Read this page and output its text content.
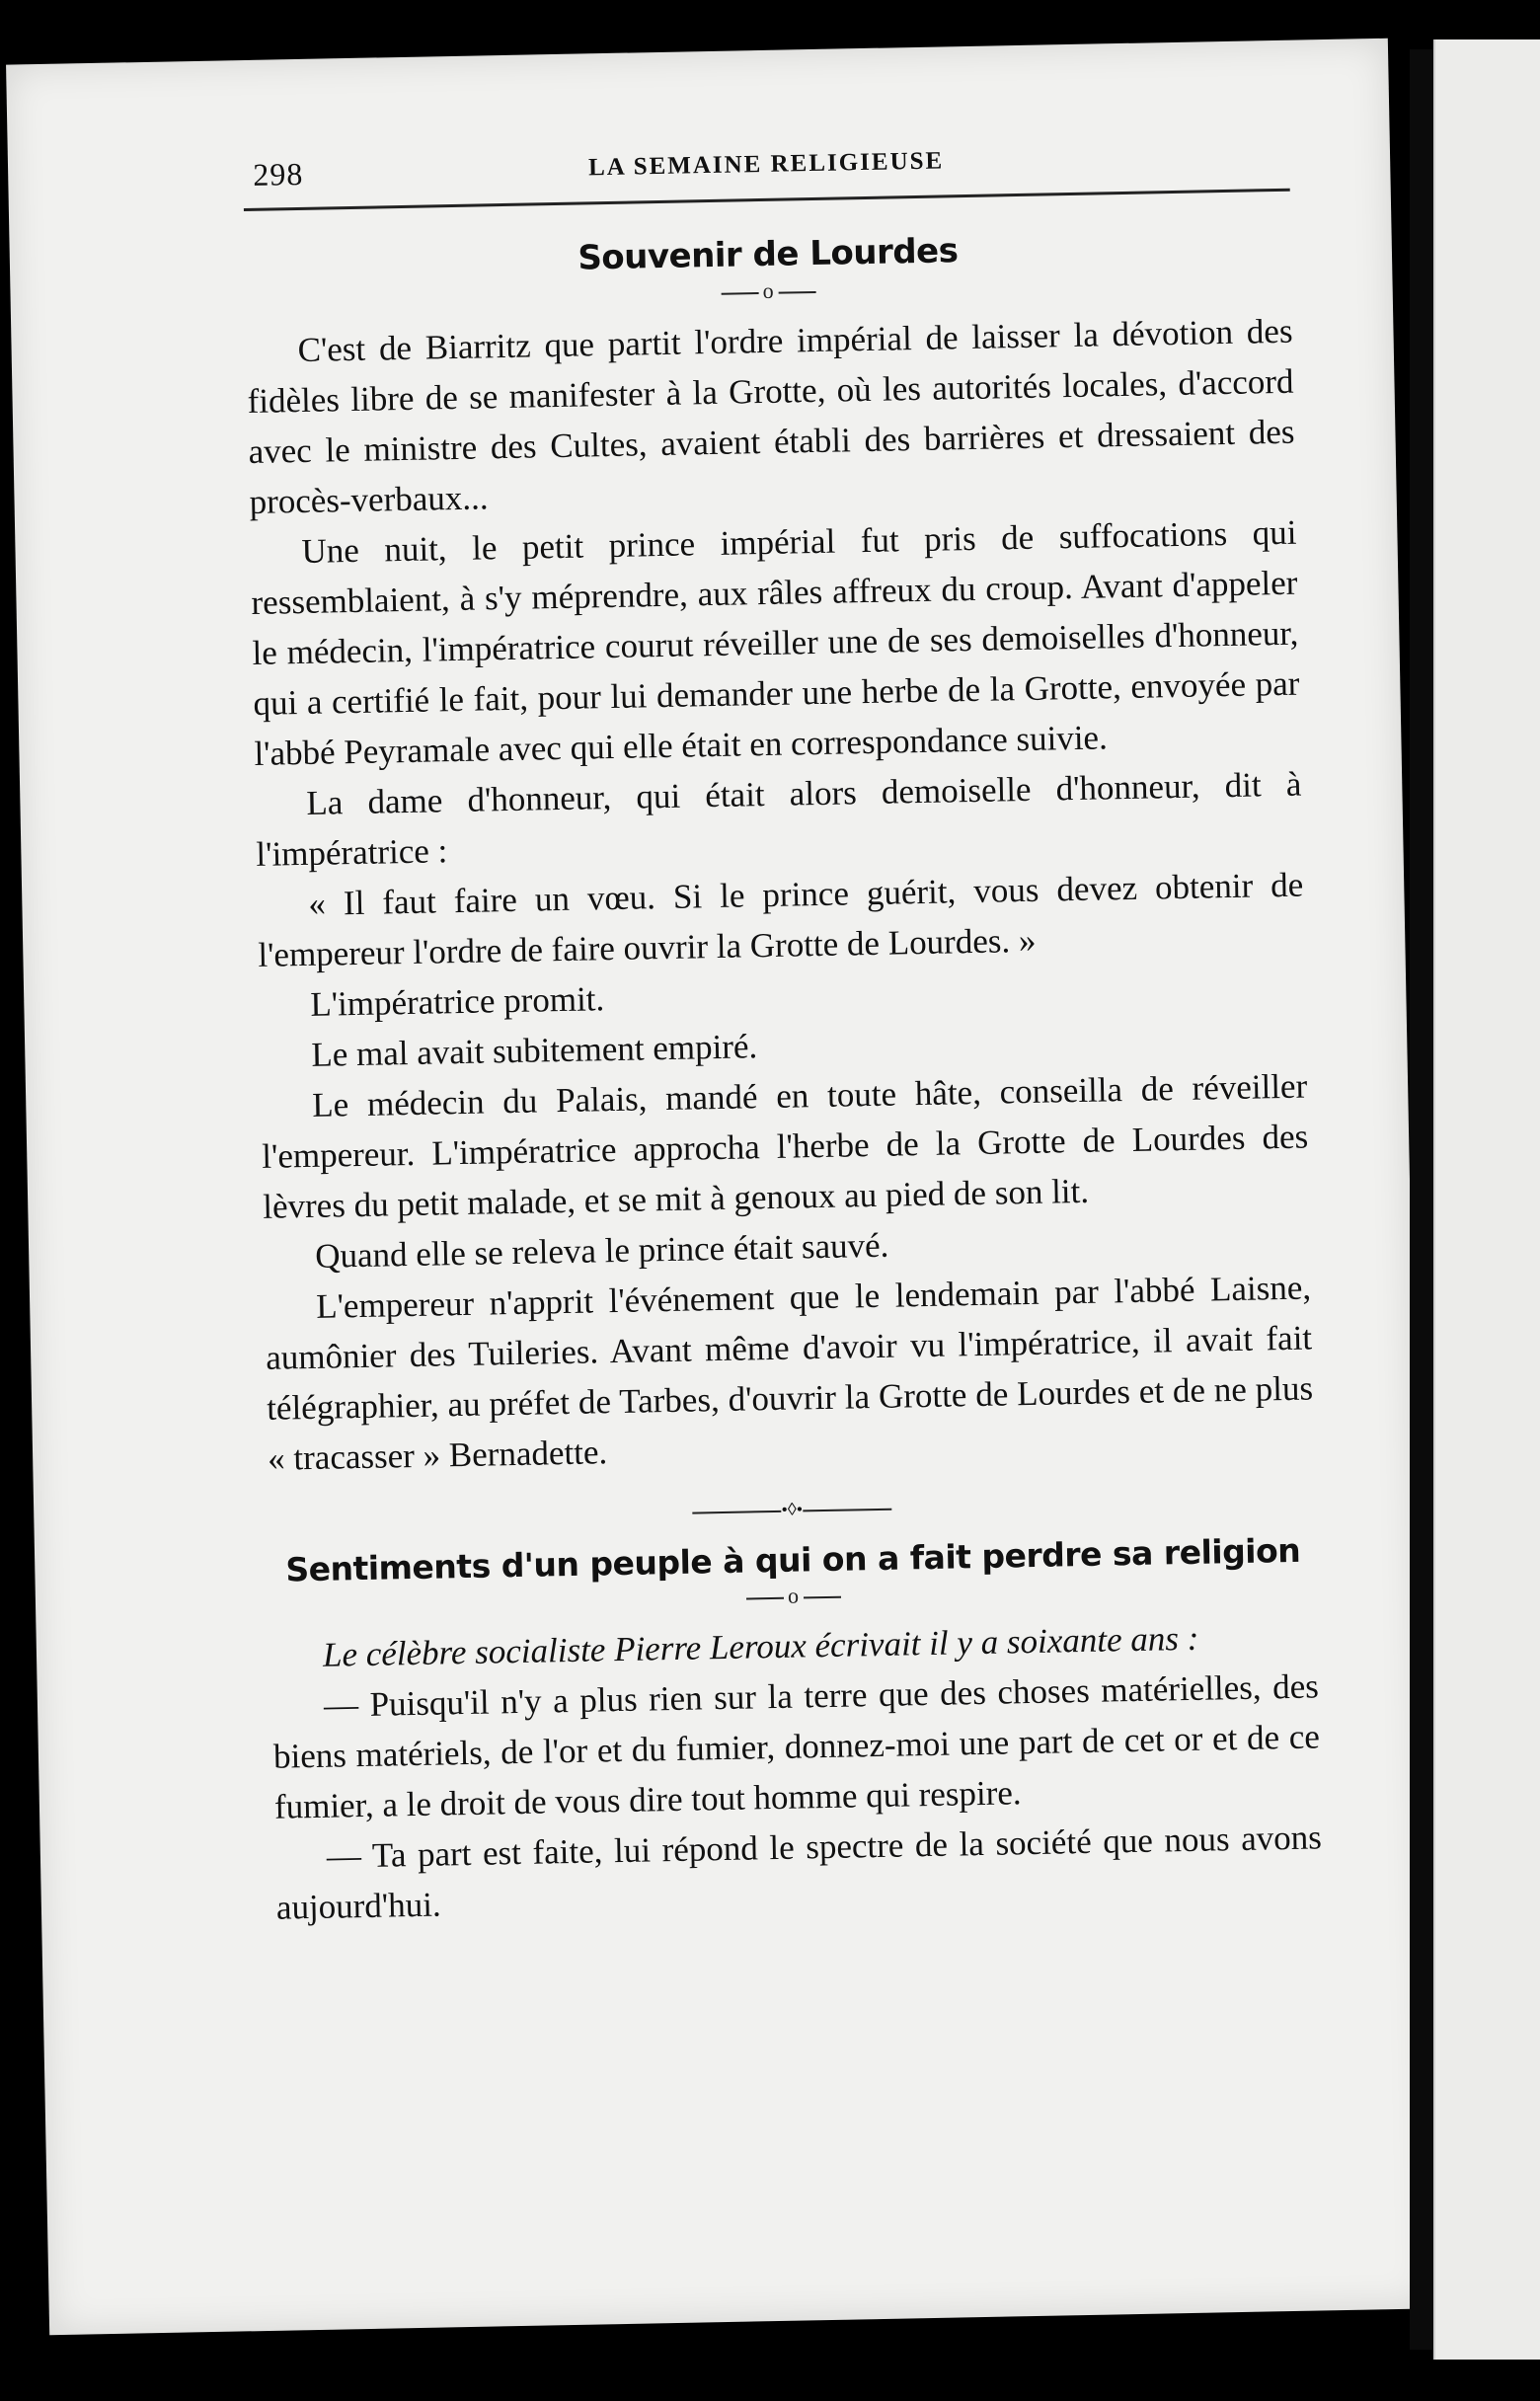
298	LA SEMAINE RELIGIEUSE
Souvenir de Lourdes
o

C'est de Biarritz que partit l'ordre impérial de laisser la dévotion des fidèles libre de se manifester à la Grotte, où les autorités locales, d'accord avec le ministre des Cultes, avaient établi des barrières et dressaient des procès-verbaux...

Une nuit, le petit prince impérial fut pris de suffocations qui ressemblaient, à s'y méprendre, aux râles affreux du croup. Avant d'appeler le médecin, l'impératrice courut réveiller une de ses demoiselles d'honneur, qui a certifié le fait, pour lui demander une herbe de la Grotte, envoyée par l'abbé Peyramale avec qui elle était en correspondance suivie.

La dame d'honneur, qui était alors demoiselle d'honneur, dit à l'impératrice :

« Il faut faire un vœu. Si le prince guérit, vous devez obtenir de l'empereur l'ordre de faire ouvrir la Grotte de Lourdes. »

L'impératrice promit.

Le mal avait subitement empiré.

Le médecin du Palais, mandé en toute hâte, conseilla de réveiller l'empereur. L'impératrice approcha l'herbe de la Grotte de Lourdes des lèvres du petit malade, et se mit à genoux au pied de son lit.

Quand elle se releva le prince était sauvé.

L'empereur n'apprit l'événement que le lendemain par l'abbé Laisne, aumônier des Tuileries. Avant même d'avoir vu l'impératrice, il avait fait télégraphier, au préfet de Tarbes, d'ouvrir la Grotte de Lourdes et de ne plus « tracasser » Bernadette.

•◊•
Sentiments d'un peuple à qui on a fait perdre sa religion
o

Le célèbre socialiste Pierre Leroux écrivait il y a soixante ans :

— Puisqu'il n'y a plus rien sur la terre que des choses matérielles, des biens matériels, de l'or et du fumier, donnez-moi une part de cet or et de ce fumier, a le droit de vous dire tout homme qui respire.

— Ta part est faite, lui répond le spectre de la société que nous avons aujourd'hui.
